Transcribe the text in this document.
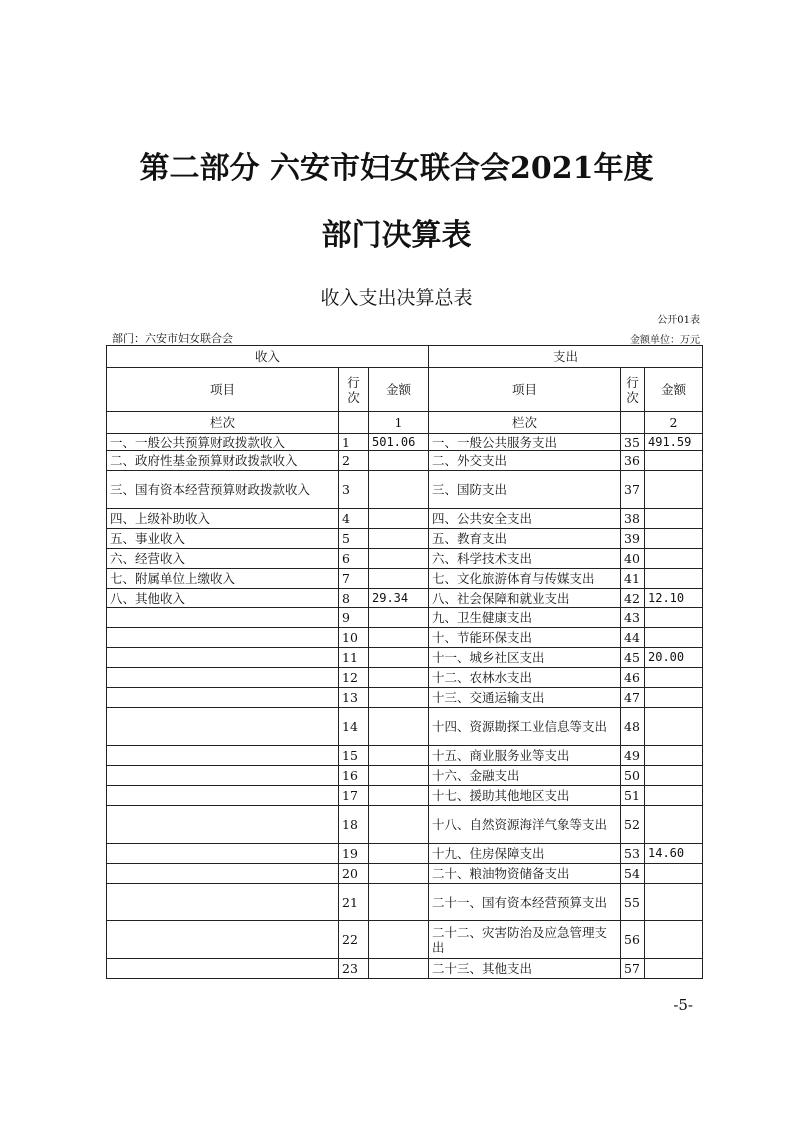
第二部分 六安市妇女联合会2021年度
部门决算表
收入支出决算总表
公开01表
部门：六安市妇女联合会	金额单位：万元
收入			支出		
项目	行次	金额	项目	行次	金额
栏次		1	栏次		2
一、一般公共预算财政拨款收入	1	501.06	一、一般公共服务支出	35	491.59
二、政府性基金预算财政拨款收入	2		二、外交支出	36	
三、国有资本经营预算财政拨款收入	3		三、国防支出	37	
四、上级补助收入	4		四、公共安全支出	38	
五、事业收入	5		五、教育支出	39	
六、经营收入	6		六、科学技术支出	40	
七、附属单位上缴收入	7		七、文化旅游体育与传媒支出	41	
八、其他收入	8	29.34	八、社会保障和就业支出	42	12.10
	9		九、卫生健康支出	43	
	10		十、节能环保支出	44	
	11		十一、城乡社区支出	45	20.00
	12		十二、农林水支出	46	
	13		十三、交通运输支出	47	
	14		十四、资源勘探工业信息等支出	48	
	15		十五、商业服务业等支出	49	
	16		十六、金融支出	50	
	17		十七、援助其他地区支出	51	
	18		十八、自然资源海洋气象等支出	52	
	19		十九、住房保障支出	53	14.60
	20		二十、粮油物资储备支出	54	
	21		二十一、国有资本经营预算支出	55	
	22		二十二、灾害防治及应急管理支出	56	
	23		二十三、其他支出	57	
-5-
